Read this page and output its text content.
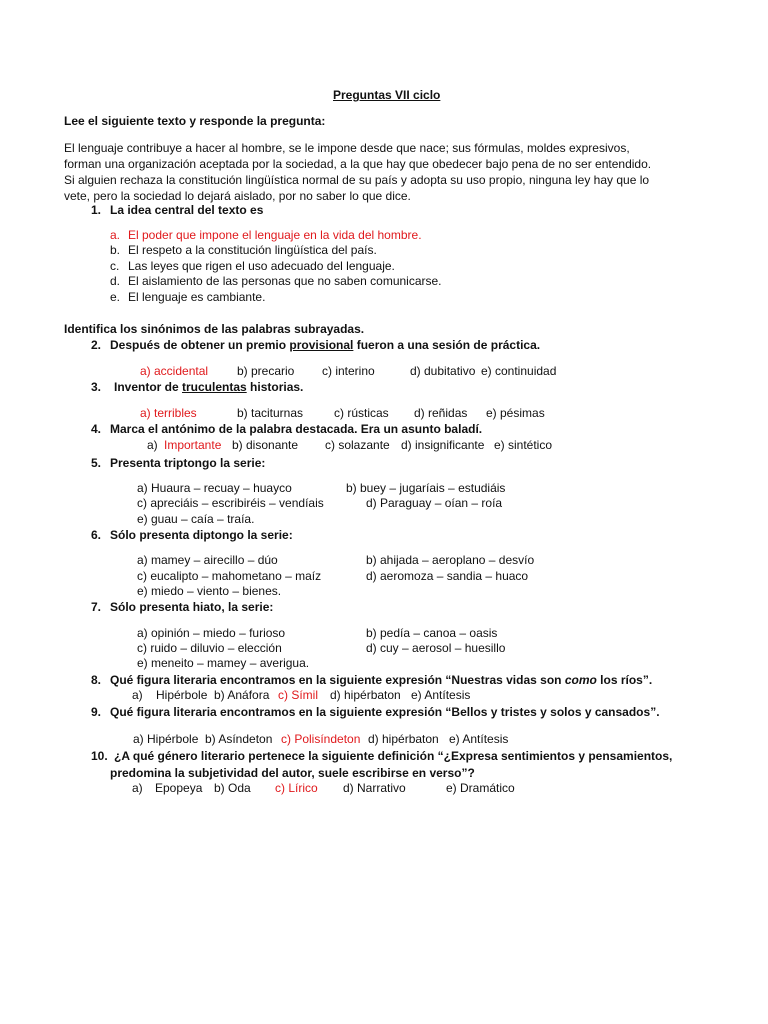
Preguntas VII ciclo
Lee el siguiente texto y responde la pregunta:
El lenguaje contribuye a hacer al hombre, se le impone desde que nace; sus fórmulas, moldes expresivos, forman una organización aceptada por la sociedad, a la que hay que obedecer bajo pena de no ser entendido. Si alguien rechaza la constitución lingüística normal de su país y adopta su uso propio, ninguna ley hay que lo vete, pero la sociedad lo dejará aislado, por no saber lo que dice.
1. La idea central del texto es
a. El poder que impone el lenguaje en la vida del hombre.
b. El respeto a la constitución lingüística del país.
c. Las leyes que rigen el uso adecuado del lenguaje.
d. El aislamiento de las personas que no saben comunicarse.
e. El lenguaje es cambiante.
Identifica los sinónimos de las palabras subrayadas.
2. Después de obtener un premio provisional fueron a una sesión de práctica.
a) accidental b) precario c) interino	d) dubitativo e) continuidad
3. Inventor de truculentas historias.
a) terribles	b) taciturnas	c) rústicas d) reñidas e) pésimas
4. Marca el antónimo de la palabra destacada. Era un asunto baladí.
a) Importante b) disonante c) solazante d) insignificante e) sintético
5. Presenta triptongo la serie:
a) Huaura – recuay – huayco	b) buey – jugaríais – estudiáis
c) apreciáis – escribiréis – vendíais	d) Paraguay – oían – roía
e) guau – caía – traía.
6. Sólo presenta diptongo la serie:
a) mamey – airecillo – dúo	b) ahijada – aeroplano – desvío
c) eucalipto – mahometano – maíz	d) aeromoza – sandia – huaco
e) miedo – viento – bienes.
7. Sólo presenta hiato, la serie:
a) opinión – miedo – furioso	b) pedía – canoa – oasis
c) ruido – diluvio – elección	d) cuy – aerosol – huesillo
e) meneito – mamey – averigua.
8. Qué figura literaria encontramos en la siguiente expresión “Nuestras vidas son como los ríos”.
a) Hipérbole b) Anáfora c) Símil d) hipérbaton e) Antítesis
9. Qué figura literaria encontramos en la siguiente expresión “Bellos y tristes y solos y cansados”.
a) Hipérbole b) Asíndeton c) Polisíndeton d) hipérbaton e) Antítesis
10. ¿A qué género literario pertenece la siguiente definición “¿Expresa sentimientos y pensamientos,
predomina la subjetividad del autor, suele escribirse en verso”?
a) Epopeya b) Oda c) Lírico d) Narrativo	e) Dramático
